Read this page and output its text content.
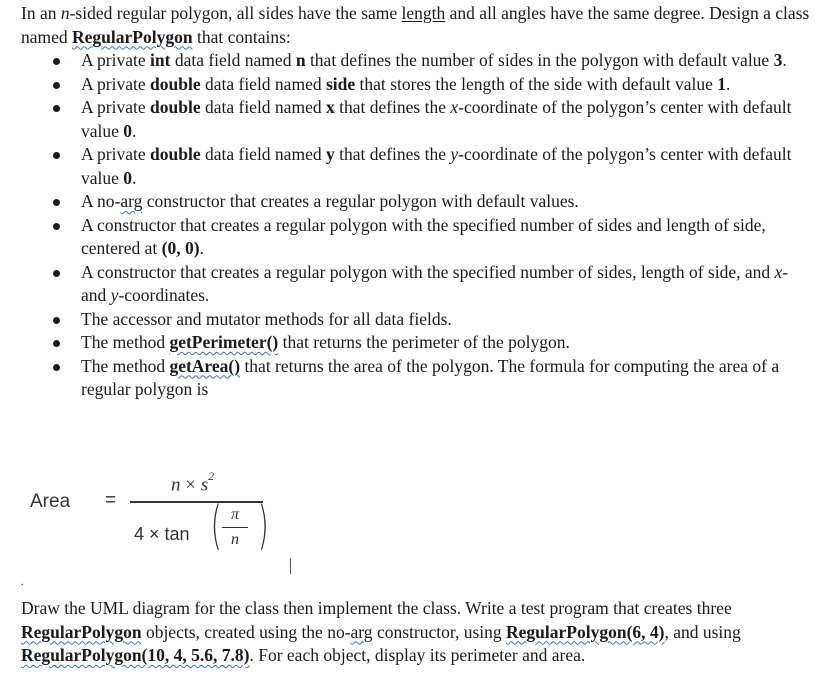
In an n-sided regular polygon, all sides have the same length and all angles have the same degree. Design a class named RegularPolygon that contains:

A private int data field named n that defines the number of sides in the polygon with default value 3.
A private double data field named side that stores the length of the side with default value 1.
A private double data field named x that defines the x-coordinate of the polygon’s center with default value 0.
A private double data field named y that defines the y-coordinate of the polygon’s center with default value 0.
A no-arg constructor that creates a regular polygon with default values.
A constructor that creates a regular polygon with the specified number of sides and length of side, centered at (0, 0).
A constructor that creates a regular polygon with the specified number of sides, length of side, and x- and y-coordinates.
The accessor and mutator methods for all data fields.
The method getPerimeter() that returns the perimeter of the polygon.
The method getArea() that returns the area of the polygon. The formula for computing the area of a regular polygon is
Area =
$n \times s^2$
4 × tan ( π
n )
.

Draw the UML diagram for the class then implement the class. Write a test program that creates three RegularPolygon objects, created using the no-arg constructor, using RegularPolygon(6, 4), and using RegularPolygon(10, 4, 5.6, 7.8). For each object, display its perimeter and area.
